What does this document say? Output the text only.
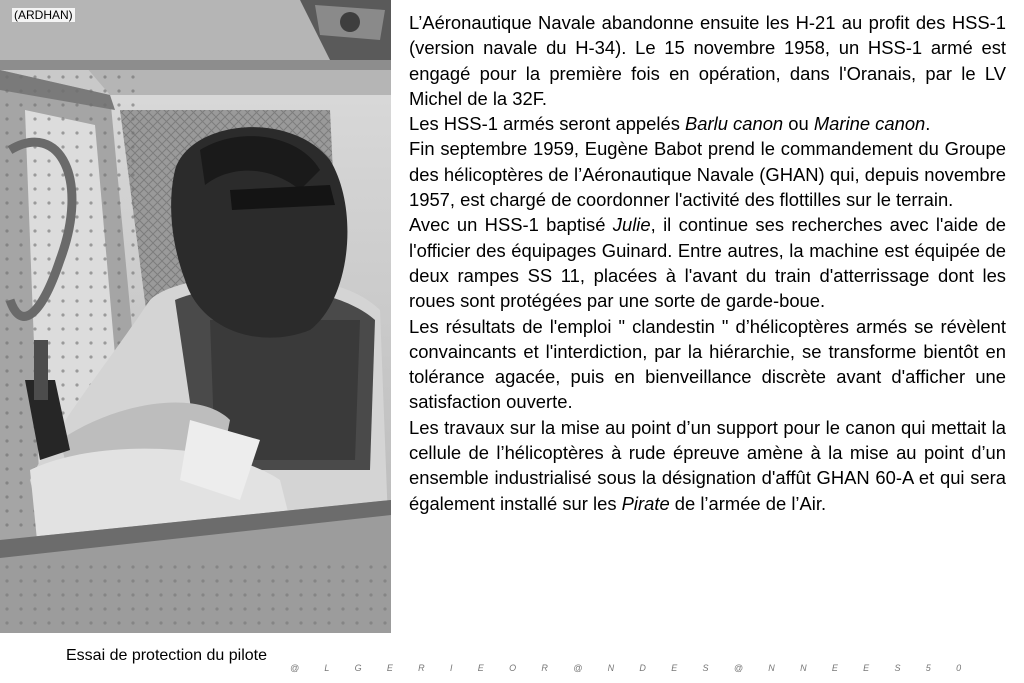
(ARDHAN)	L’Aéronautique Navale abandonne ensuite les H-21 au profit des HSS-1 (version navale du H-34). Le 15 novembre 1958, un HSS-1 armé est engagé pour la première fois en opération, dans l'Oranais, par le LV Michel de la 32F.

Les HSS-1 armés seront appelés Barlu canon ou Marine canon.

Fin septembre 1959, Eugène Babot prend le commandement du Groupe des hélicoptères de l’Aéronautique Navale (GHAN) qui, depuis novembre 1957, est chargé de coordonner l'activité des flottilles sur le terrain.

Avec un HSS-1 baptisé Julie, il continue ses recherches avec l'aide de l'officier des équipages Guinard. Entre autres, la machine est équipée de deux rampes SS 11, placées à l'avant du train d'atterrissage dont les roues sont protégées par une sorte de garde-boue.

Les résultats de l'emploi " clandestin " d’hélicoptères armés se révèlent convaincants et l'interdiction, par la hiérarchie, se transforme bientôt en tolérance agacée, puis en bienveillance discrète avant d'afficher une satisfaction ouverte.

Les travaux sur la mise au point d’un support pour le canon qui mettait la cellule de l’hélicoptères à rude épreuve amène à la mise au point d’un ensemble industrialisé sous la désignation d'affût GHAN 60-A et qui sera également installé sur les Pirate de l’armée de l’Air.

Essai de protection du pilote
@ L G E R I E O R @ N D E S @ N N E E S 5 0
